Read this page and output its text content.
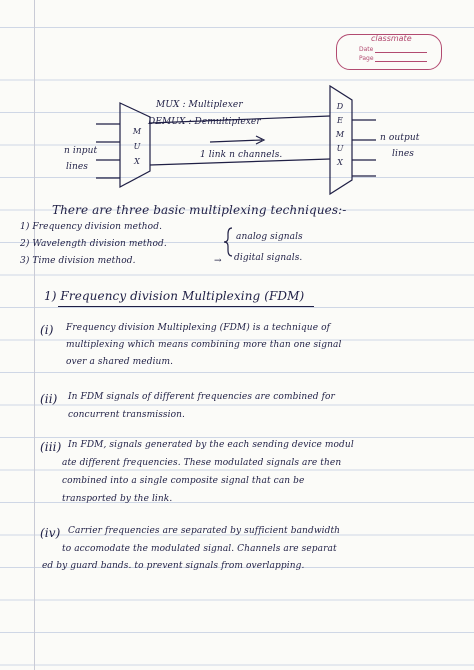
classmate
Date
Page
MUX : Multiplexer
DEMUX : Demultiplexer
MUX
DEMUX
n input
lines
n output
lines
1 link n channels.
There are three basic multiplexing techniques:-
1) Frequency division method.
2) Wavelength division method.
3) Time division method.
analog signals
→ digital signals.
1) Frequency division Multiplexing (FDM)
(i) Frequency division Multiplexing (FDM) is a technique of
multiplexing which means combining more than one signal
over a shared medium.
(ii) In FDM signals of different frequencies are combined for
concurrent transmission.
(iii) In FDM, signals generated by the each sending device modul
ate different frequencies. These modulated signals are then
combined into a single composite signal that can be
transported by the link.
(iv) Carrier frequencies are separated by sufficient bandwidth
to accomodate the modulated signal. Channels are separat
ed by guard bands. to prevent signals from overlapping.
